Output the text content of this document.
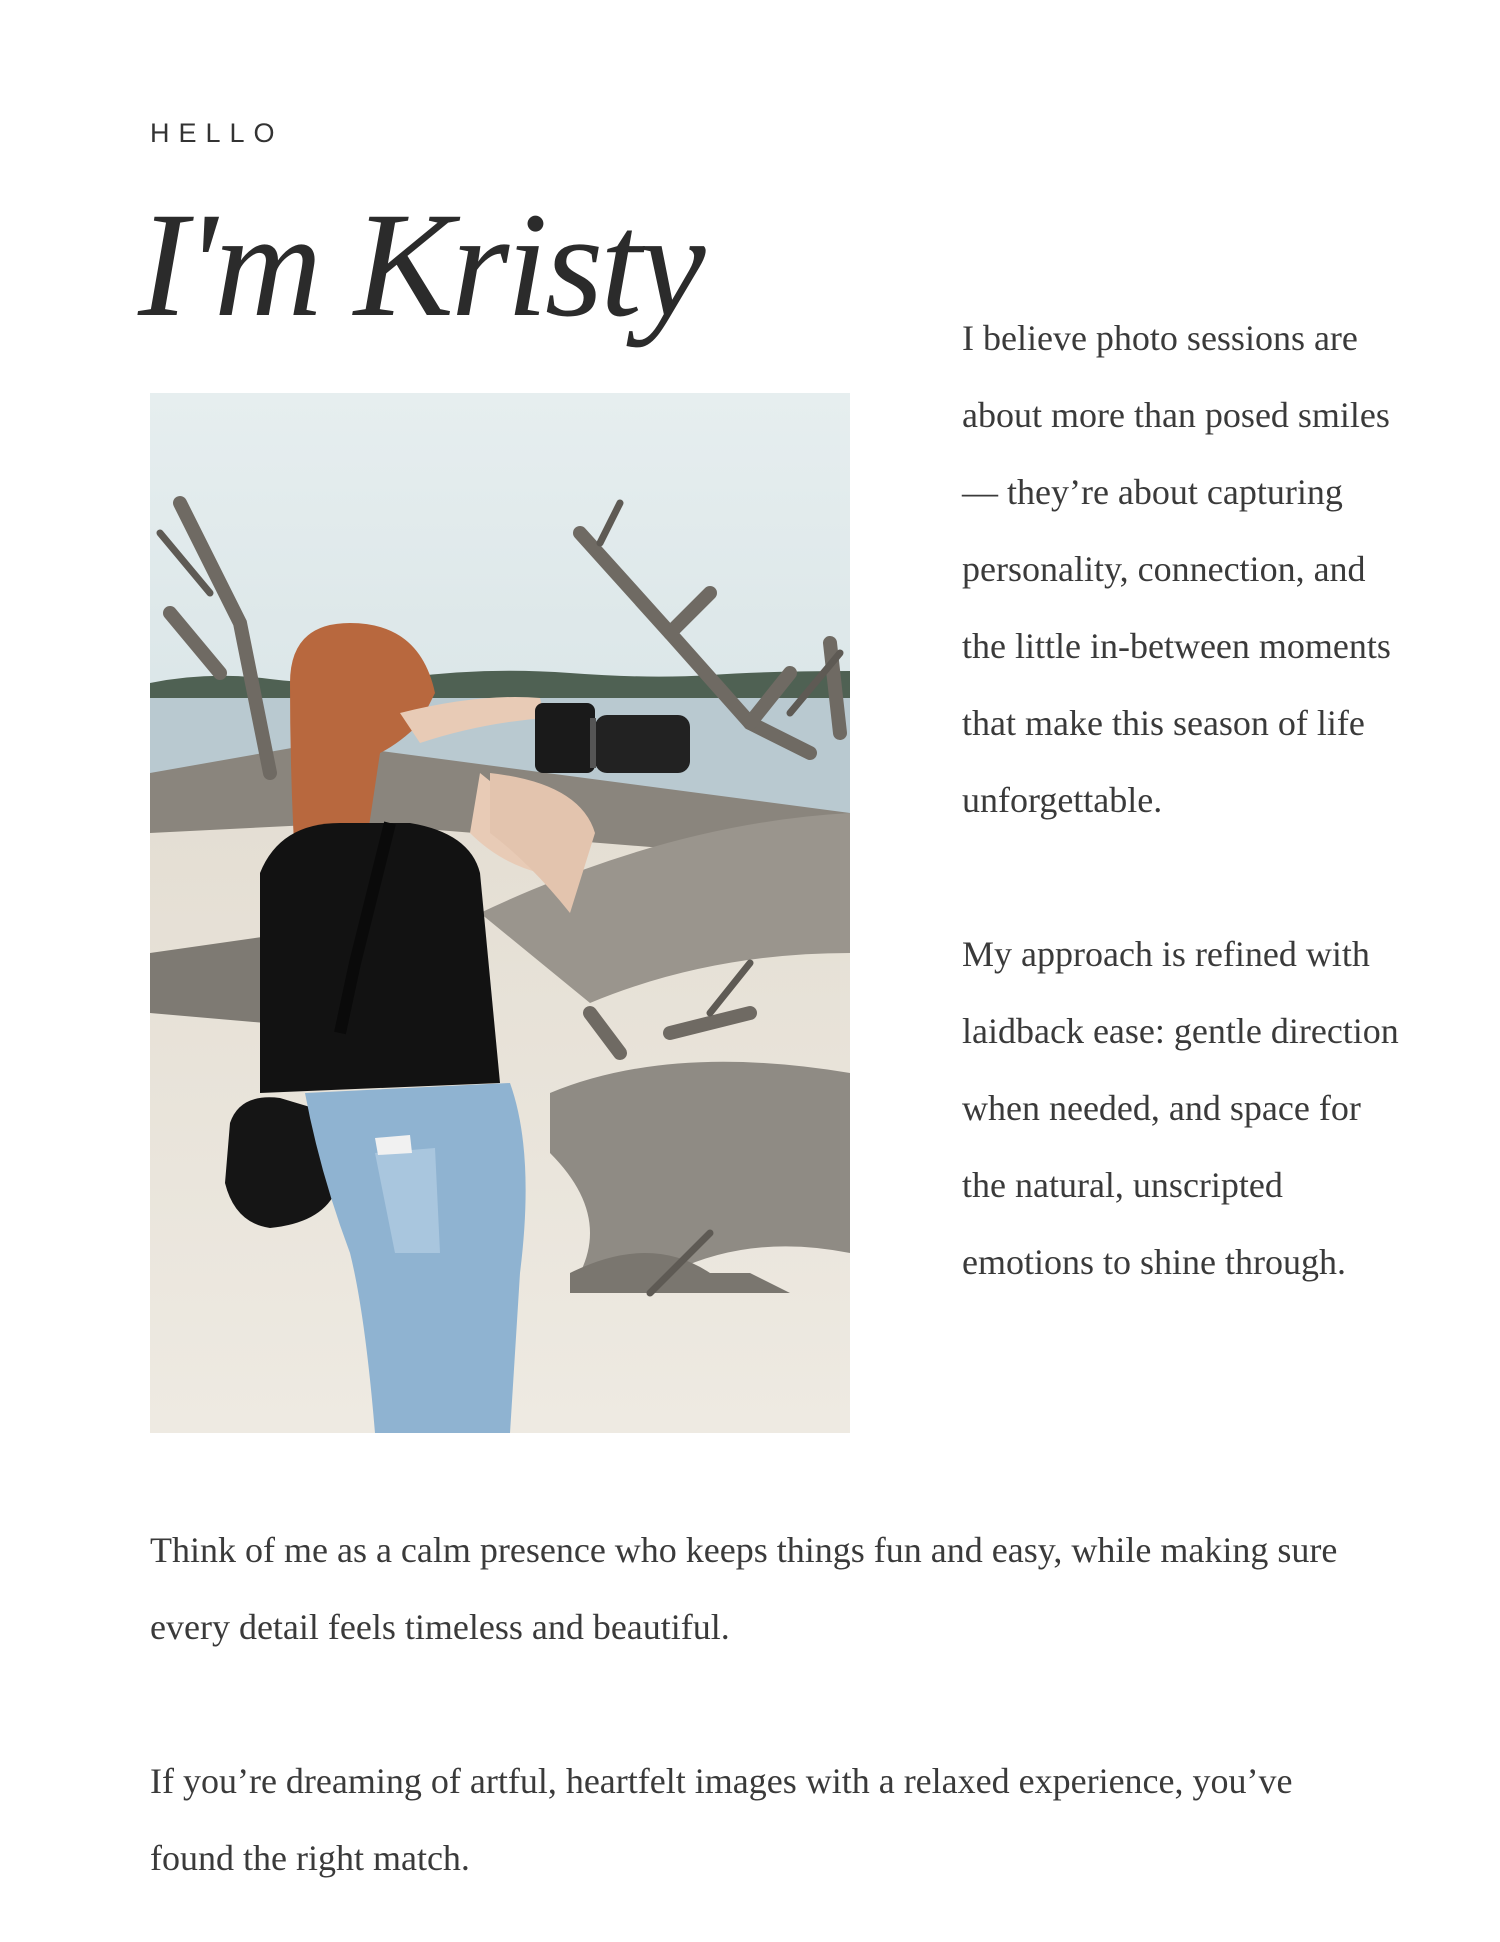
HELLO
I'm Kristy	I believe photo sessions are about more than posed smiles — they’re about capturing personality, connection, and the little in-between moments that make this season of life unforgettable.

My approach is refined with laidback ease: gentle direction when needed, and space for the natural, unscripted emotions to shine through.

Think of me as a calm presence who keeps things fun and easy, while making sure every detail feels timeless and beautiful.

If you’re dreaming of artful, heartfelt images with a relaxed experience, you’ve found the right match.
